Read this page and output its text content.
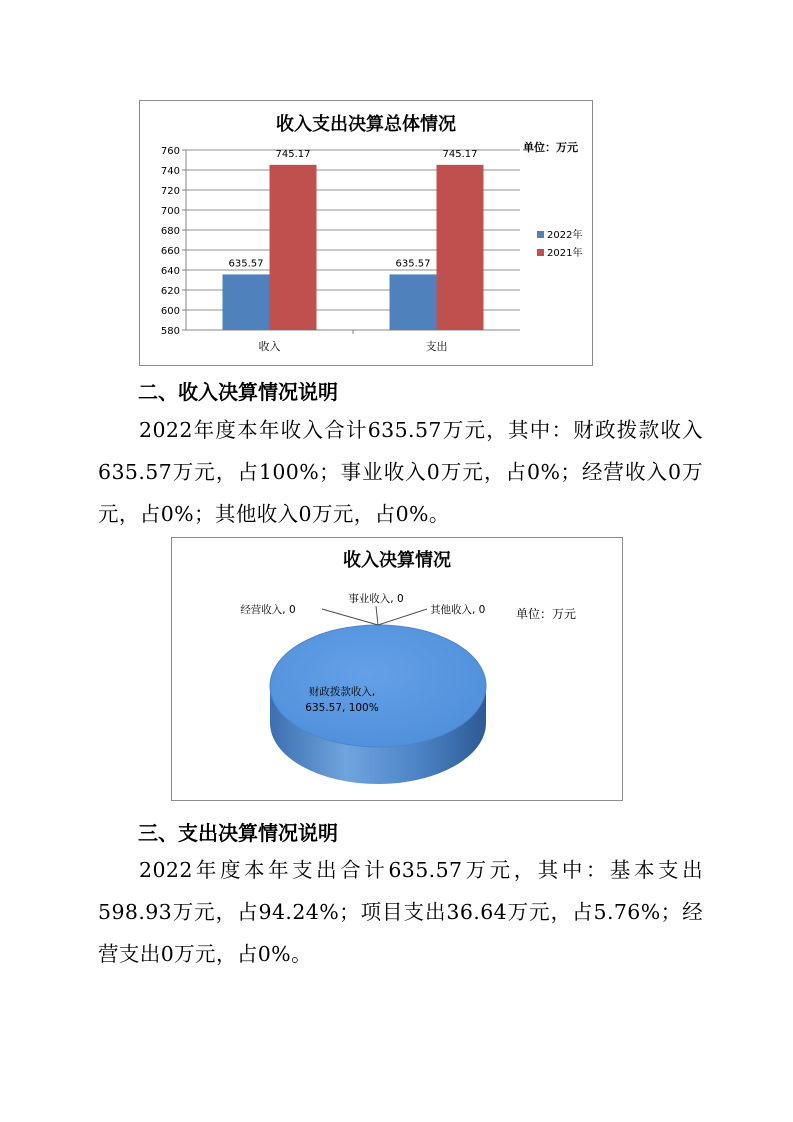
收入支出决算总体情况
单位：万元
580
600
620
640
660
680
700
720
740
760
收入
635.57
745.17
支出
635.57
745.17
2022年
2021年
二、收入决算情况说明

2022年度本年收入合计635.57万元，其中：财政拨款收入635.57万元，占100%；事业收入0万元，占0%；经营收入0万元，占0%；其他收入0万元，占0%。

收入决算情况
单位：万元
财政拨款收入,
635.57, 100%
经营收入, 0
事业收入, 0
其他收入, 0
三、支出决算情况说明

2022年度本年支出合计635.57万元，其中：基本支出598.93万元，占94.24%；项目支出36.64万元，占5.76%；经营支出0万元，占0%。
